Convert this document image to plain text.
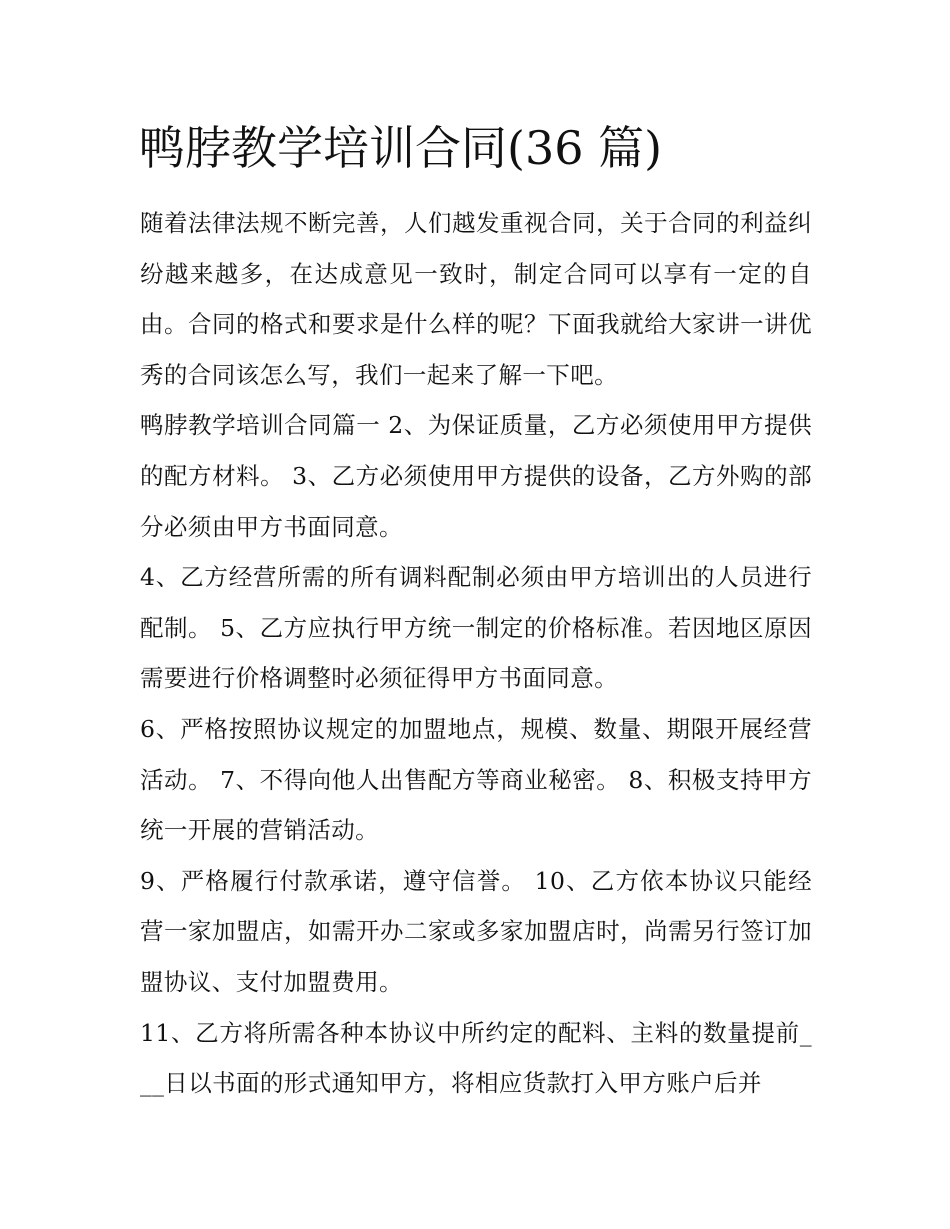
鸭脖教学培训合同(36 篇)

随着法律法规不断完善，人们越发重视合同，关于合同的利益纠纷越来越多，在达成意见一致时，制定合同可以享有一定的自由。合同的格式和要求是什么样的呢？下面我就给大家讲一讲优秀的合同该怎么写，我们一起来了解一下吧。

鸭脖教学培训合同篇一 2、为保证质量，乙方必须使用甲方提供的配方材料。 3、乙方必须使用甲方提供的设备，乙方外购的部分必须由甲方书面同意。

4、乙方经营所需的所有调料配制必须由甲方培训出的人员进行配制。 5、乙方应执行甲方统一制定的价格标准。若因地区原因需要进行价格调整时必须征得甲方书面同意。

6、严格按照协议规定的加盟地点，规模、数量、期限开展经营活动。 7、不得向他人出售配方等商业秘密。 8、积极支持甲方统一开展的营销活动。

9、严格履行付款承诺，遵守信誉。 10、乙方依本协议只能经营一家加盟店，如需开办二家或多家加盟店时，尚需另行签订加盟协议、支付加盟费用。

11、乙方将所需各种本协议中所约定的配料、主料的数量提前___日以书面的形式通知甲方，将相应货款打入甲方账户后并
